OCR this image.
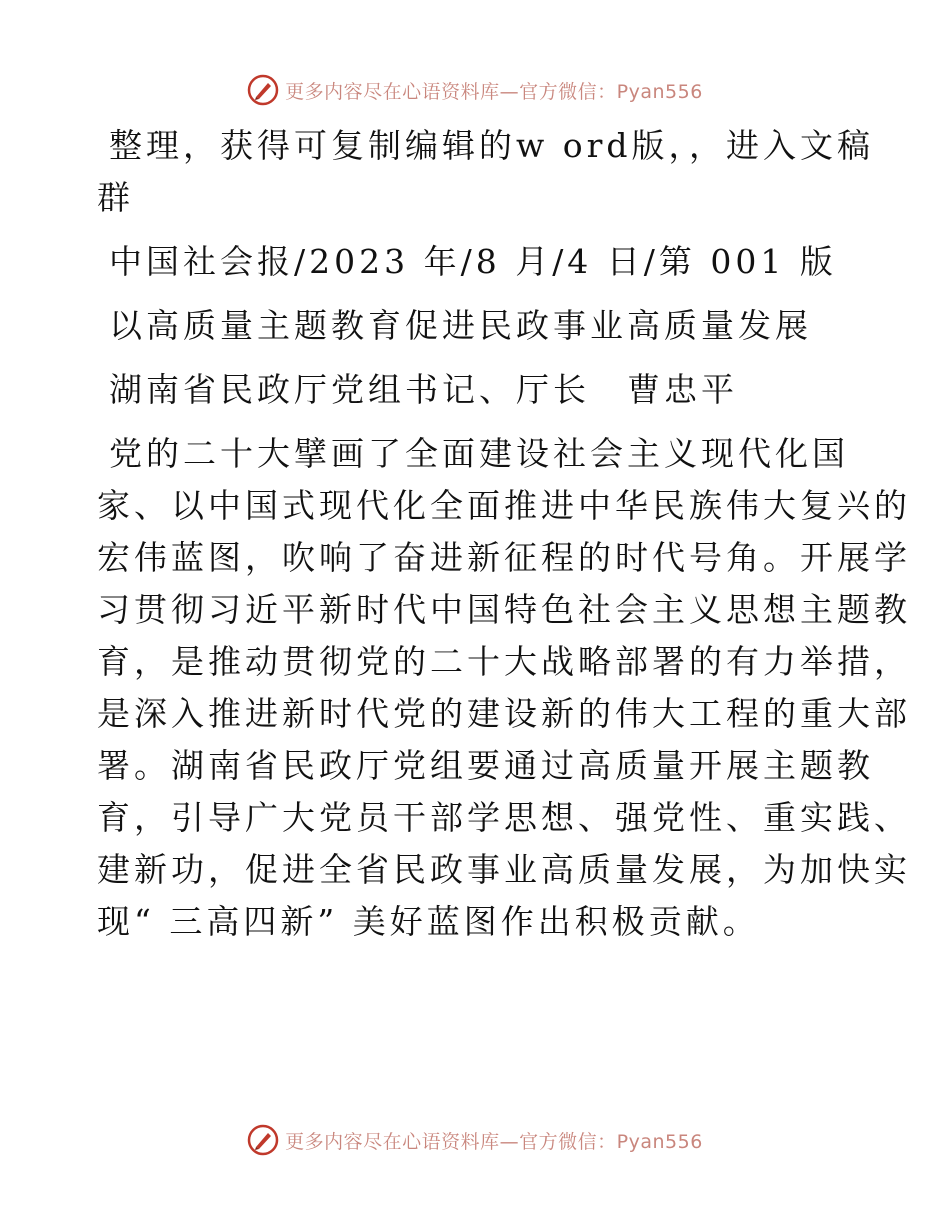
更多内容尽在心语资料库—官方微信：Pyan556
整理，获得可复制编辑的w ord版，，进入文稿
群
中国社会报/2023 年/8 月/4 日/第 001 版
以高质量主题教育促进民政事业高质量发展
湖南省民政厅党组书记、厅长　曹忠平
党的二十大擘画了全面建设社会主义现代化国
家、以中国式现代化全面推进中华民族伟大复兴的
宏伟蓝图，吹响了奋进新征程的时代号角。开展学
习贯彻习近平新时代中国特色社会主义思想主题教
育，是推动贯彻党的二十大战略部署的有力举措，
是深入推进新时代党的建设新的伟大工程的重大部
署。湖南省民政厅党组要通过高质量开展主题教
育，引导广大党员干部学思想、强党性、重实践、
建新功，促进全省民政事业高质量发展，为加快实
现“ 三高四新” 美好蓝图作出积极贡献。
更多内容尽在心语资料库—官方微信：Pyan556
